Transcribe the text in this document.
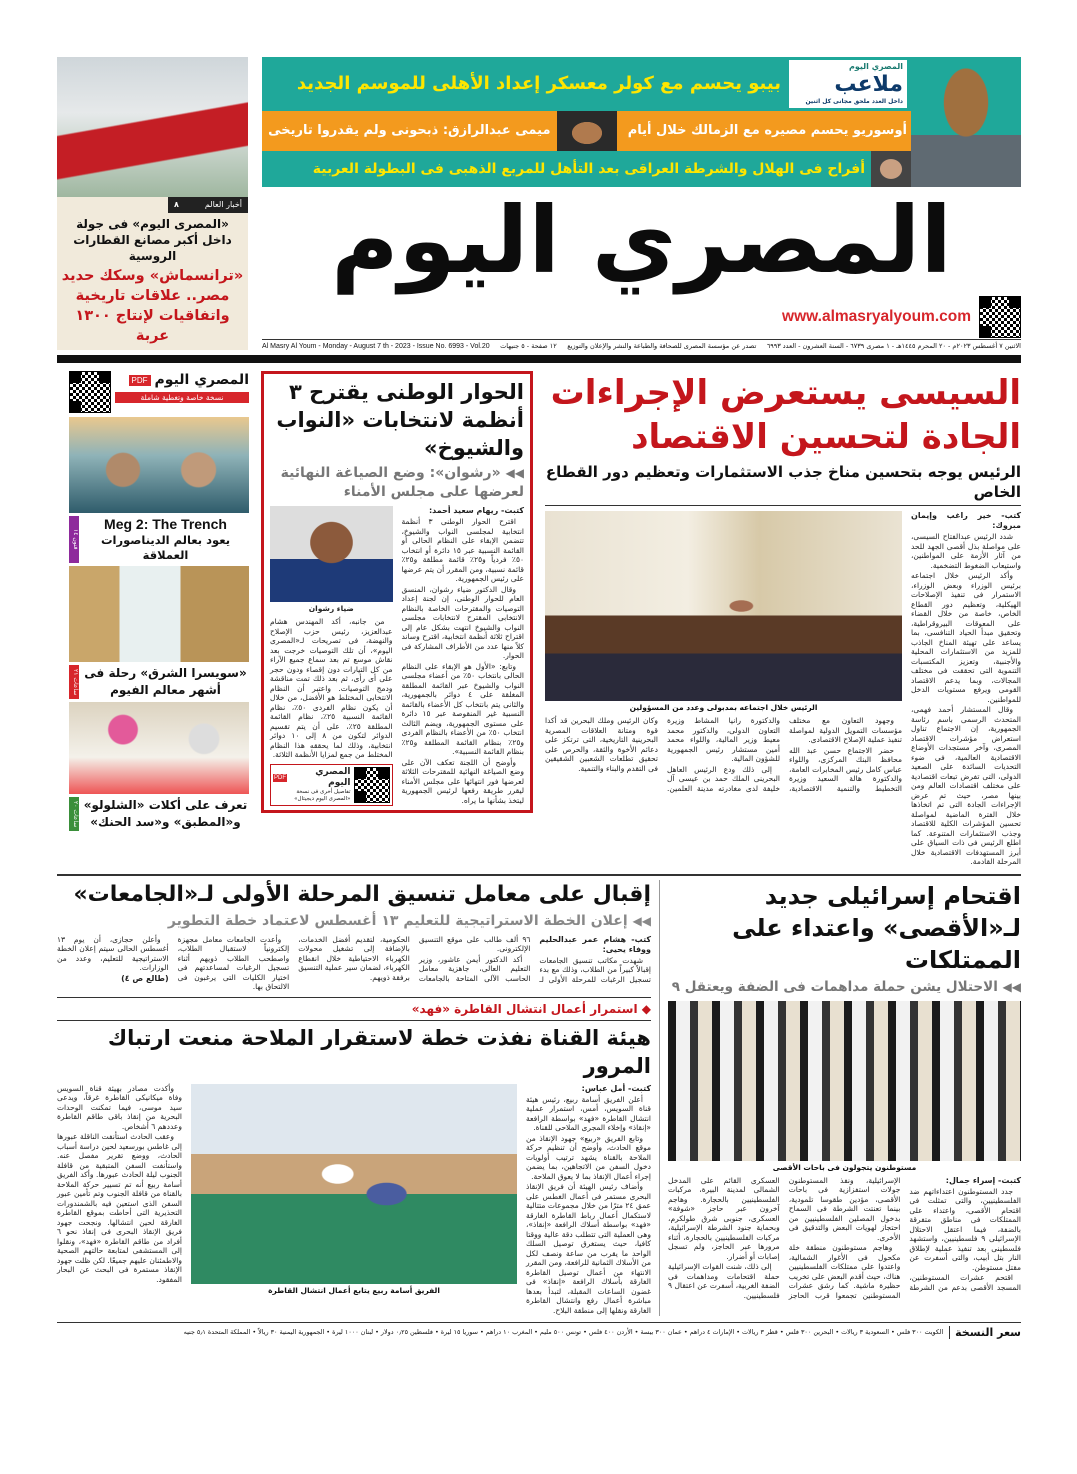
المصري اليوم
ملاعب
داخل العدد ملحق مجانى كل اثنين
بيبو يحسم مع كولر معسكر إعداد الأهلى للموسم الجديد
أوسوريو يحسم مصيره مع الزمالك خلال أيام
ميمى عبدالرازق: ذبحونى ولم يقدروا تاريخى
أفراح فى الهلال والشرطة العراقى بعد التأهل للمربع الذهبى فى البطولة العربية
المصري اليوم
www.almasryalyoum.com
Al Masry Al Youm - Monday - August 7 th - 2023 - Issue No. 6993 - Vol.20 ١٢ صفحة - ٥ جنيهات تصدر عن مؤسسة المصرى للصحافة والطباعة والنشر والإعلان والتوزيع الاثنين ٧ أغسطس ٢٠٢٣م - ٢٠ المحرم ١٤٤٥هـ - ١ مصرى ٦٧٣٩ - السنة العشرون - العدد ٦٩٩٣
أخبار العالم
٨
«المصرى اليوم» فى جولة داخل أكبر مصانع القطارات الروسية
«ترانسماش» وسكك حديد مصر.. علاقات تاريخية واتفاقيات لإنتاج ١٣٠٠ عربة
السيسى يستعرض الإجراءات الجادة لتحسين الاقتصاد
الرئيس يوجه بتحسين مناخ جذب الاستثمارات وتعظيم دور القطاع الخاص

كتب- خير راغب وإيمان مبروك:

شدد الرئيس عبدالفتاح السيسى، على مواصلة بذل أقصى الجهد للحد من آثار الأزمة على المواطنين، واستيعاب الضغوط التضخمية.

وأكد الرئيس خلال اجتماعه برئيس الوزراء وبعض الوزراء، الاستمرار فى تنفيذ الإصلاحات الهيكلية، وتعظيم دور القطاع الخاص، خاصة من خلال القضاء على المعوقات البيروقراطية، وتحقيق مبدأ الحياد التنافسى، بما يساعد على تهيئة المناخ الجاذب للمزيد من الاستثمارات المحلية والأجنبية، وتعزيز المكتسبات التنموية التى تحققت فى مختلف المجالات، وبما يدعم الاقتصاد القومى ويرفع مستويات الدخل للمواطنين.

وقال المستشار أحمد فهمى، المتحدث الرسمى باسم رئاسة الجمهورية، إن الاجتماع تناول استعراض مؤشرات الاقتصاد المصرى، وآخر مستجدات الأوضاع الاقتصادية العالمية، فى ضوء التحديات السائدة على الصعيد الدولى، التى تفرض تبعات اقتصادية على مختلف اقتصادات العالم ومن بينها مصر، حيث تم عرض الإجراءات الجادة التى تم اتخاذها خلال الفترة الماضية لمواصلة تحسين المؤشرات الكلية للاقتصاد وجذب الاستثمارات المتنوعة. كما اطلع الرئيس فى ذات السياق على أبرز المستهدفات الاقتصادية خلال المرحلة القادمة.

الرئيس خلال اجتماعه بمدبولى وعدد من المسؤولين

وجهود التعاون مع مختلف مؤسسات التمويل الدولية لمواصلة تنفيذ عملية الإصلاح الاقتصادى.

حضر الاجتماع حسن عبد الله محافظ البنك المركزى، واللواء عباس كامل رئيس المخابرات العامة، والدكتورة هالة السعيد وزيرة التخطيط والتنمية الاقتصادية، والدكتورة رانيا المشاط وزيرة التعاون الدولى، والدكتور محمد معيط وزير المالية، واللواء محمد أمين مستشار رئيس الجمهورية للشؤون المالية.

إلى ذلك ودع الرئيس العاهل البحرينى الملك حمد بن عيسى آل خليفة لدى مغادرته مدينة العلمين. وكان الرئيس وملك البحرين قد أكدا قوة ومتانة العلاقات المصرية البحرينية التاريخية، التى ترتكز على دعائم الأخوة والثقة، والحرص على تحقيق تطلعات الشعبين الشقيقين فى التقدم والبناء والتنمية.

الحوار الوطنى يقترح ٣ أنظمة لانتخابات «النواب والشيوخ»
◀◀ «رشوان»: وضع الصياغة النهائية لعرضها على مجلس الأمناء

كتبت- ريهام سعيد أحمد:

اقترح الحوار الوطنى ٣ أنظمة انتخابية لمجلسى النواب والشيوخ، تتضمن الإبقاء على النظام الحالى أو القائمة النسبية عبر ١٥ دائرة أو انتخاب ٥٠٪ فردياً و٢٥٪ قائمة مطلقة و٢٥٪ قائمة نسبية، ومن المقرر أن يتم عرضها على رئيس الجمهورية.

وقال الدكتور ضياء رشوان، المنسق العام للحوار الوطنى، إن لجنة إعداد التوصيات والمقترحات الخاصة بالنظام الانتخابى المقترح لانتخابات مجلسى النواب والشيوخ انتهت بشكل عام إلى اقتراح ثلاثة أنظمة انتخابية، اقترح وساند كلاً منها عدد من الأطراف المشاركة فى الحوار.

وتابع: «الأول هو الإبقاء على النظام الحالى بانتخاب ٥٠٪ من أعضاء مجلسى النواب والشيوخ عبر القائمة المطلقة المغلقة على ٤ دوائر بالجمهورية، والثانى يتم بانتخاب كل الأعضاء بالقائمة النسبية غير المنقوصة عبر ١٥ دائرة على مستوى الجمهورية، ويضم الثالث انتخاب ٥٠٪ من الأعضاء بالنظام الفردى و٢٥٪ بنظام القائمة المطلقة و٢٥٪ بنظام القائمة النسبية».

وأوضح أن اللجنة تعكف الآن على وضع الصياغة النهائية للمقترحات الثلاثة لعرضها فور انتهائها على مجلس الأمناء ليقرر طريقة رفعها لرئيس الجمهورية ليتخذ بشأنها ما يراه.

ضياء رشوان

من جانبه، أكد المهندس هشام عبدالعزيز، رئيس حزب الإصلاح والنهضة، فى تصريحات لـ«المصرى اليوم»، أن تلك التوصيات خرجت بعد نقاش موسع تم بعد سماع جميع الآراء من كل التيارات دون إقصاء ودون حجر على أى رأى، ثم بعد ذلك تمت مناقشة ودمج التوصيات. واعتبر أن النظام الانتخابى المختلط هو الأفضل، من خلال أن يكون نظام الفردى ٥٠٪، نظام القائمة النسبية ٢٥٪، نظام القائمة المطلقة ٢٥٪، على أن يتم تقسيم الدوائر لتكون من ٨ إلى ١٠ دوائر انتخابية، وذلك لما يحققه هذا النظام المختلط من جمع لمزايا الأنظمة الثلاثة.

المصري اليوم
PDF
تفاصيل أخرى فى نسخة «المصرى اليوم ديجيتال»
المصري اليوم
PDF
نسخة خاصة وتغطية شاملة
Meg 2: The Trench
يعود بعالم الديناصورات العملاقة
فنون ١٤
«سويسرا الشرق» رحلة فى أشهر معالم الفيوم
ساعات ٢١
تعرف على أكلات «الشلولو» و«المطبق» و«سد الحنك»
ساعات ٢٠
اقتحام إسرائيلى جديد لـ«الأقصى» واعتداء على الممتلكات
◀◀ الاحتلال يشن حملة مداهمات فى الضفة ويعتقل ٩
مستوطنون يتجولون فى باحات الأقصى

كتبت- إسراء جمال:

جدد المستوطنون اعتداءاتهم ضد الفلسطينيين، والتى تمثلت فى اقتحام الأقصى، واعتداء على الممتلكات فى مناطق متفرقة بالضفة، فيما اعتقل الاحتلال الإسرائيلى ٩ فلسطينيين، واستشهد فلسطينى بعد تنفيذ عملية لإطلاق النار بتل أبيب، والتى أسفرت عن مقتل مستوطن.

اقتحم عشرات المستوطنين، المسجد الأقصى بدعم من الشرطة الإسرائيلية، ونفذ المستوطنون جولات استفزازية فى باحات الأقصى، مؤدين طقوسا تلمودية، بينما تعنتت الشرطة فى السماح بدخول المصلين الفلسطينيين من احتجاز لهويات البعض والتدقيق فى الأخرى.

وهاجم مستوطنون منطقة خلة مكحول فى الأغوار الشمالية، واعتدوا على ممتلكات الفلسطينيين هناك، حيث أقدم البعض على تخريب حظيرة ماشية. كما رشق عشرات المستوطنين تجمعوا قرب الحاجز العسكرى القائم على المدخل الشمالى لمدينة البيرة، مركبات الفلسطينيين بالحجارة. وهاجم آخرون عبر حاجز «شوفة» العسكرى، جنوبى شرق طولكرم، وبحماية جنود الشرطة الإسرائيلية، مركبات الفلسطينيين بالحجارة، أثناء مرورها عبر الحاجز، ولم تسجل إصابات أو أضرار.

إلى ذلك، شنت القوات الإسرائيلية حملة اقتحامات ومداهمات فى الضفة الغربية، أسفرت عن اعتقال ٩ فلسطينيين.

إقبال على معامل تنسيق المرحلة الأولى لـ«الجامعات»
◀◀ إعلان الخطة الاستراتيجية للتعليم ١٣ أغسطس لاعتماد خطة التطوير

كتب- هشام عمر عبدالحليم ووفاء يحيى:

شهدت مكاتب تنسيق الجامعات إقبالاً كبيراً من الطلاب، وذلك مع بدء تسجيل الرغبات للمرحلة الأولى لـ ٩٦ ألف طالب على موقع التنسيق الإلكترونى.

أكد الدكتور أيمن عاشور، وزير التعليم العالى، جاهزية معامل الحاسب الآلى المتاحة بالجامعات الحكومية، لتقديم أفضل الخدمات، بالإضافة إلى تشغيل محولات الكهرباء الاحتياطية خلال انقطاع الكهرباء، لضمان سير عملية التنسيق برفقة ذويهم.

وأعدت الجامعات معامل مجهزة إلكترونياً لاستقبال الطلاب، واصطحب الطلاب ذويهم أثناء تسجيل الرغبات لمساعدتهم فى اختيار الكليات التى يرغبون فى الالتحاق بها.

وأعلن حجازى، أن يوم ١٣ أغسطس الحالى سيتم إعلان الخطة الاستراتيجية للتعليم، وعدد من الوزارات.

(طالع ص ٤)

◆ استمرار أعمال انتشال القاطرة «فهد»
هيئة القناة نفذت خطة لاستقرار الملاحة منعت ارتباك المرور

كتبت- أمل عباس:

أعلن الفريق أسامة ربيع، رئيس هيئة قناة السويس، أمس، استمرار عملية انتشال القاطرة «فهد» بواسطة الرافعة «إنقاذ» وإخلاء المجرى الملاحى للقناة.

وتابع الفريق «ربيع» جهود الإنقاذ من موقع الحادث، وأوضح أن تنظيم حركة الملاحة بالقناة يشهد ترتيب أولويات دخول السفن من الاتجاهين، بما يضمن إجراء أعمال الإنقاذ بما لا يعوق الملاحة.

وأضاف رئيس الهيئة أن فريق الإنقاذ البحرى مستمر فى أعمال الغطس على عمق ٢٤ مترًا من خلال مجموعات متتالية لاستكمال أعمال رباط القاطرة الغارقة «فهد» بواسطة أسلاك الرافعة «إنقاذ»، وهى العملية التى تتطلب دقة عالية ووقتا كافيا، حيث يستغرق توصيل السلك الواحد ما يقرب من ساعة ونصف لكل من الأسلاك الثمانية للرافعة، ومن المقرر الانتهاء من أعمال توصيل القاطرة الغارقة بأسلاك الرافعة «إنقاذ» فى غضون الساعات المقبلة، لتبدأ بعدها مباشرة أعمال رفع وانتشال القاطرة الغارقة ونقلها إلى منطقة البلاح.

الفريق أسامة ربيع يتابع أعمال انتشال القاطرة

وأكدت مصادر بهيئة قناة السويس وفاة ميكانيكى القاطرة غرقاً، ويدعى سيد موسى، فيما تمكنت الوحدات البحرية من إنقاذ باقى طاقم القاطرة وعددهم ٦ أشخاص.

وعقب الحادث استأنفت الناقلة عبورها إلى غاطس بورسعيد لحين دراسة أسباب الحادث، ووضع تقرير مفصل عنه. واستأنفت السفن المتبقية من قافلة الجنوب ليلة الحادث عبورها. وأكد الفريق أسامة ربيع أنه تم تسيير حركة الملاحة بالقناة من قافلة الجنوب وتم تأمين عبور السفن الذى استعين فيه بالشمندورات التحذيرية التى أحاطت بموقع القاطرة الغارقة لحين انتشالها. ونجحت جهود فريق الإنقاذ البحرى فى إنقاذ نحو ٦ أفراد من طاقم القاطرة «فهد»، ونقلوا إلى المستشفى لمتابعة حالتهم الصحية والاطمئنان عليهم جميعًا. لكن ظلت جهود الإنقاذ مستمرة فى البحث عن البحار المفقود.

سعر النسخة
الكويت ٣٠٠ فلس • السعودية ٣ ريالات • البحرين ٣٠٠ فلس • قطر ٣ ريالات • الإمارات ٤ دراهم • عمان ٣٠٠ بيسة • الأردن ٤٠٠ فلس • تونس ٥٠٠ مليم • المغرب ١٠ دراهم • سوريا ١٥ ليرة • فلسطين ٠٫٢٥ دولار • لبنان ١٠٠٠ ليرة • الجمهورية اليمنية ٣٠ ريالاً • المملكة المتحدة ٥٫١ جنيه
